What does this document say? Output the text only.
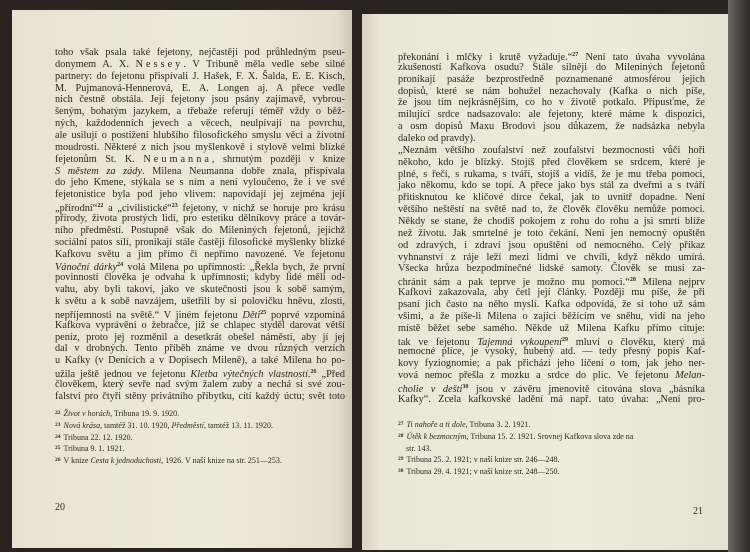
toho však psala také fejetony, nejčastěji pod průhledným pseu-
donymem A. X. Nessey. V Tribuně měla vedle sebe silné
partnery: do fejetonu přispívali J. Hašek, F. X. Šalda, E. E. Kisch,
M. Pujmanová-Hennerová, E. A. Longen aj. A přece vedle
nich čestně obstála. Její fejetony jsou psány zajímavě, vybrou-
šeným, bohatým jazykem, a třebaže referují téměř vždy o běž-
ných, každodenních jevech a věcech, neulpívají na povrchu,
ale usilují o postižení hlubšího filosofického smyslu věcí a životní
moudrosti. Některé z nich jsou myšlenkově i stylově velmi blízké
fejetonům St. K. Neumanna, shrnutým později v knize
S městem za zády. Milena Neumanna dobře znala, přispívala
do jeho Kmene, stýkala se s ním a není vyloučeno, že i ve své
fejetonistice byla pod jeho vlivem: napovídají jej zejména její
„přírodní“$^{22}$ a „civilistické“$^{23}$ fejetony, v nichž se horuje pro krásu
přírody, života prostých lidí, pro estetiku dělníkovy práce a továr-
ního předměstí. Postupně však do Mileniných fejetonů, jejichž
sociální patos sílí, pronikají stále častěji filosofické myšlenky blízké
Kafkovu světu a jim přímo či nepřímo navozené. Ve fejetonu
Vánoční dárky$^{24}$ volá Milena po upřímnosti: „Řekla bych, že první
povinností člověka je odvaha k upřímnosti; kdyby lidé měli od-
vahu, aby byli takoví, jako ve skutečnosti jsou k sobě samým,
k světu a k sobě navzájem, ušetřili by si polovičku hněvu, zlosti,
nepříjemnosti na světě.“ V jiném fejetonu Děti$^{25}$ poprvé vzpomíná
Kafkova vyprávění o žebračce, jíž se chlapec styděl darovat větší
peníz, proto jej rozměnil a desetkrát obešel náměstí, aby jí jej
dal v drobných. Tento příběh známe ve dvou různých verzích
u Kafky (v Denících a v Dopisech Mileně), a také Milena ho po-
užila ještě jednou ve fejetonu Kletba výtečných vlastností.$^{26}$ „Před
člověkem, který sevře nad svým žalem zuby a nechá si své zou-
falství pro čtyři stěny privátního příbytku, cítí každý úctu; svět toto
$^{22}$ Život v horách, Tribuna 19. 9. 1920.
$^{23}$ Nová krása, tamtéž 31. 10. 1920, Předměstí, tamtéž 13. 11. 1920.
$^{24}$ Tribuna 22. 12. 1920.
$^{25}$ Tribuna 9. 1. 1921.
$^{26}$ V knize Cesta k jednoduchosti, 1926. V naší knize na str. 251—253.
20
překonání i mlčky i krutě vyžaduje.“$^{27}$ Není tato úvaha vyvolána
zkušeností Kafkova osudu? Stále silněji do Mileniných fejetonů
pronikají pasáže bezprostředně poznamenané atmosférou jejich
dopisů, které se nám bohužel nezachovaly (Kafka o nich píše,
že jsou tím nejkrásnějším, co ho v životě potkalo. Připusťme, že
milující srdce nadsazovalo: ale fejetony, které máme k dispozici,
a osm dopisů Maxu Brodovi jsou důkazem, že nadsázka nebyla
daleko od pravdy).
„Neznám většího zoufalství než zoufalství bezmocnosti vůči hoři
někoho, kdo je blízký. Stojíš před člověkem se srdcem, které je
plné, s řečí, s rukama, s tváří, stojíš a vidíš, že je mu třeba pomoci,
jako někomu, kdo se topí. A přece jako bys stál za dveřmi a s tváří
přitisknutou ke klíčové dírce čekal, jak to uvnitř dopadne. Není
většího neštěstí na světě nad to, že člověk člověku nemůže pomoci.
Někdy se stane, že chodíš pokojem z rohu do rohu a jsi smrti blíže
než životu. Jak smrtelné je toto čekání. Není jen nemocný opuštěn
od zdravých, i zdraví jsou opuštěni od nemocného. Celý příkaz
vyhnanství z ráje leží mezi lidmi ve chvíli, když někdo umírá.
Všecka hrůza bezpodmínečné lidské samoty. Člověk se musí za-
chránit sám a pak teprve je možno mu pomoci.“$^{28}$ Milena nejprv
Kafkovi zakazovala, aby četl její články. Později mu píše, že při
psaní jich často na něho myslí. Kafka odpovídá, že si toho už sám
všimi, a že píše-li Milena o zajíci běžícím ve sněhu, vidí na jeho
místě běžet sebe samého. Někde už Milena Kafku přímo cituje:
tak ve fejetonu Tajemná vykoupení$^{29}$ mluví o člověku, který má
nemocné plíce, je vysoký, hubený atd. — tedy přesný popis Kaf-
kovy fyziognomie; a pak přichází jeho líčení o tom, jak jeho ner-
vová nemoc přešla z mozku a srdce do plic. Ve fejetonu Melan-
cholie v dešti$^{30}$ jsou v závěru jmenovitě citována slova „básníka
Kafky“. Zcela kafkovské ladění má např. tato úvaha: „Není pro-
$^{27}$ Ti nahoře a ti dole, Tribuna 3. 2. 1921.
$^{28}$ Útěk k bezmocným, Tribuna 15. 2. 1921. Srovnej Kafkova slova zde na
str. 143.
$^{29}$ Tribuna 25. 2. 1921; v naší knize str. 246—248.
$^{30}$ Tribuna 29. 4. 1921; v naší knize str. 248—250.
21
